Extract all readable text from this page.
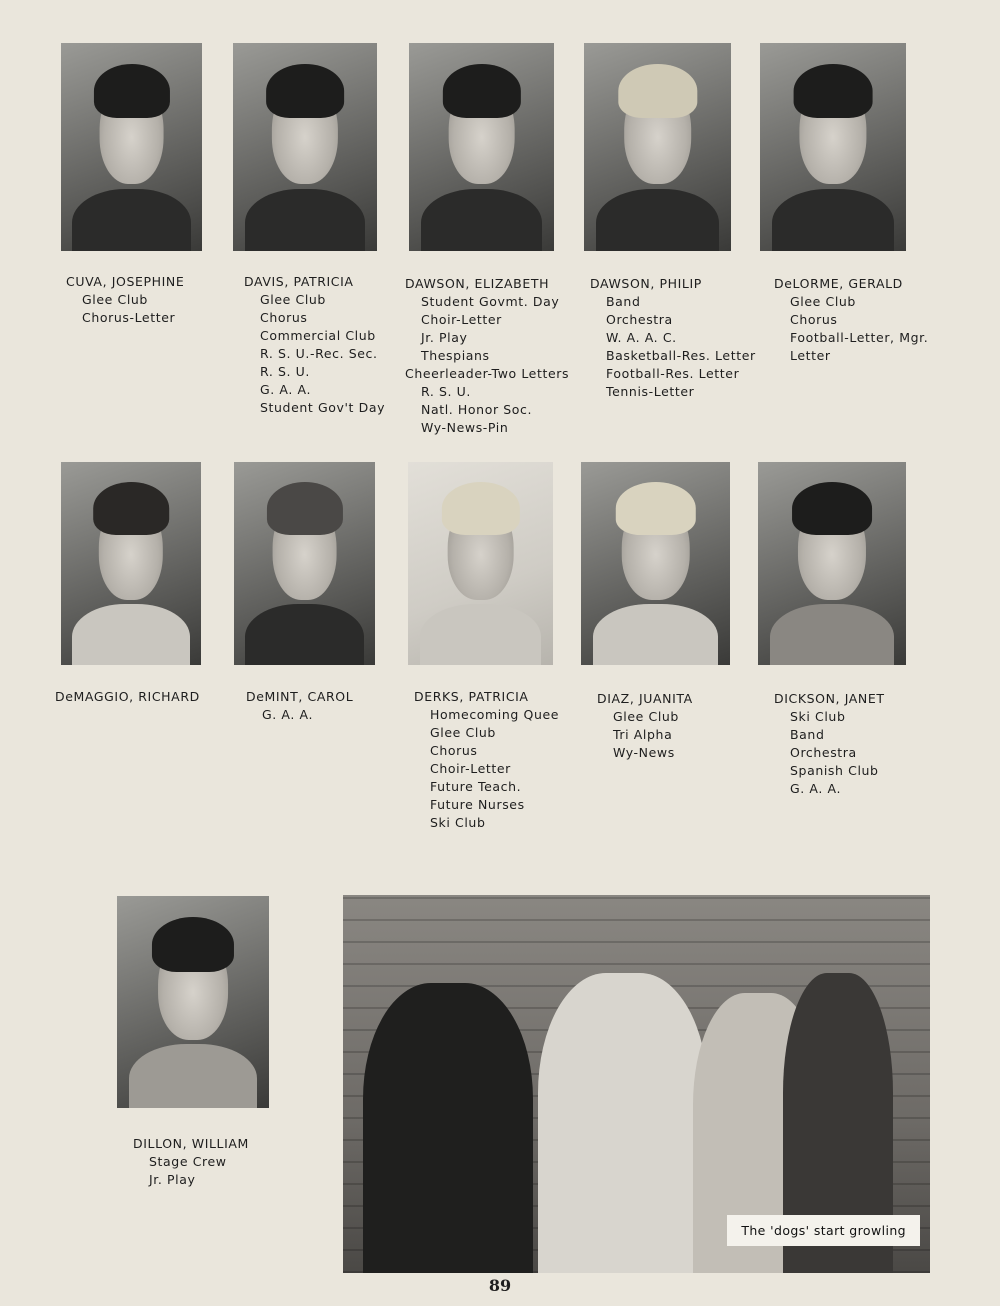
CUVA, JOSEPHINE
Glee Club
Chorus-Letter
DAVIS, PATRICIA
Glee Club
Chorus
Commercial Club
R. S. U.-Rec. Sec.
R. S. U.
G. A. A.
Student Gov't Day
DAWSON, ELIZABETH
Student Govmt. Day
Choir-Letter
Jr. Play
Thespians
Cheerleader-Two Letters
R. S. U.
Natl. Honor Soc.
Wy-News-Pin
DAWSON, PHILIP
Band
Orchestra
W. A. A. C.
Basketball-Res. Letter
Football-Res. Letter
Tennis-Letter
DeLORME, GERALD
Glee Club
Chorus
Football-Letter, Mgr.
Letter
DeMAGGIO, RICHARD	DeMINT, CAROL
G. A. A.
DERKS, PATRICIA
Homecoming Quee
Glee Club
Chorus
Choir-Letter
Future Teach.
Future Nurses
Ski Club
DIAZ, JUANITA
Glee Club
Tri Alpha
Wy-News
DICKSON, JANET
Ski Club
Band
Orchestra
Spanish Club
G. A. A.
DILLON, WILLIAM
Stage Crew
Jr. Play
The 'dogs' start growling
89
